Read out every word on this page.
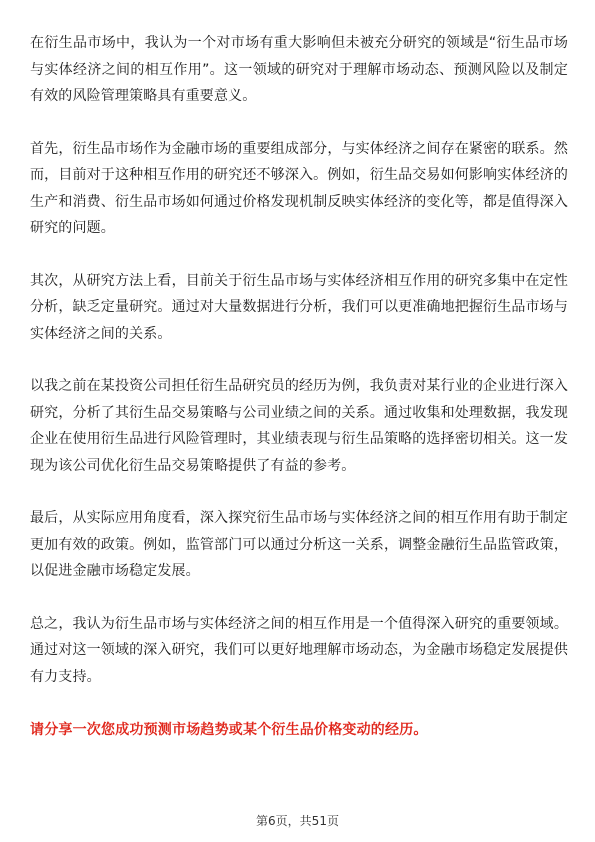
在衍生品市场中，我认为一个对市场有重大影响但未被充分研究的领域是“衍生品市场与实体经济之间的相互作用”。这一领域的研究对于理解市场动态、预测风险以及制定有效的风险管理策略具有重要意义。

首先，衍生品市场作为金融市场的重要组成部分，与实体经济之间存在紧密的联系。然而，目前对于这种相互作用的研究还不够深入。例如，衍生品交易如何影响实体经济的生产和消费、衍生品市场如何通过价格发现机制反映实体经济的变化等，都是值得深入研究的问题。

其次，从研究方法上看，目前关于衍生品市场与实体经济相互作用的研究多集中在定性分析，缺乏定量研究。通过对大量数据进行分析，我们可以更准确地把握衍生品市场与实体经济之间的关系。

以我之前在某投资公司担任衍生品研究员的经历为例，我负责对某行业的企业进行深入研究，分析了其衍生品交易策略与公司业绩之间的关系。通过收集和处理数据，我发现企业在使用衍生品进行风险管理时，其业绩表现与衍生品策略的选择密切相关。这一发现为该公司优化衍生品交易策略提供了有益的参考。

最后，从实际应用角度看，深入探究衍生品市场与实体经济之间的相互作用有助于制定更加有效的政策。例如，监管部门可以通过分析这一关系，调整金融衍生品监管政策，以促进金融市场稳定发展。

总之，我认为衍生品市场与实体经济之间的相互作用是一个值得深入研究的重要领域。通过对这一领域的深入研究，我们可以更好地理解市场动态，为金融市场稳定发展提供有力支持。

请分享一次您成功预测市场趋势或某个衍生品价格变动的经历。

第6页，共51页
